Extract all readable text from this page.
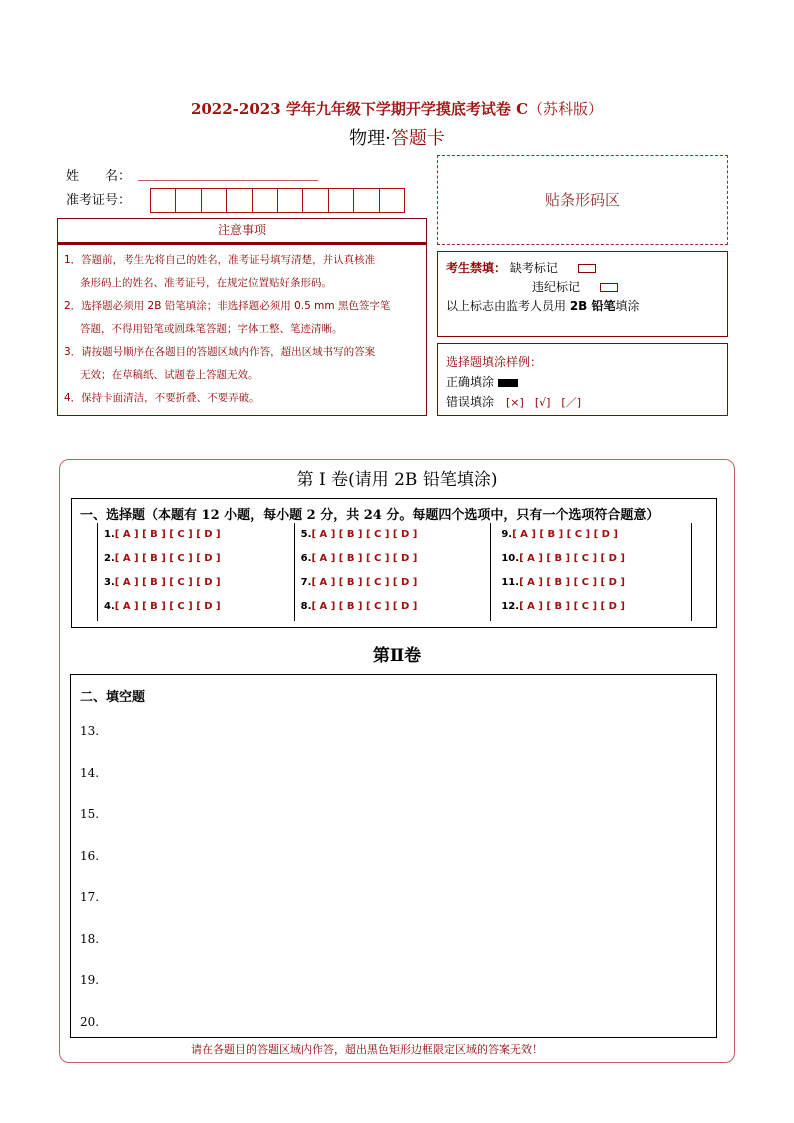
2022-2023 学年九年级下学期开学摸底考试卷 C（苏科版）
物理·答题卡
姓　　名：
准考证号：
注意事项
1．答题前，考生先将自己的姓名，准考证号填写清楚，并认真核准
条形码上的姓名、准考证号，在规定位置贴好条形码。
2．选择题必须用 2B 铅笔填涂；非选择题必须用 0.5 mm 黑色签字笔
答题，不得用铅笔或圆珠笔答题；字体工整、笔迹清晰。
3．请按题号顺序在各题目的答题区域内作答，超出区域书写的答案
无效；在草稿纸、试题卷上答题无效。
4．保持卡面清洁，不要折叠、不要弄破。
贴条形码区
考生禁填： 缺考标记
违纪标记
以上标志由监考人员用 2B 铅笔填涂
选择题填涂样例：
正确填涂
错误填涂 [×]　[√]　[／]
第 I 卷(请用 2B 铅笔填涂)
一、选择题（本题有 12 小题，每小题 2 分，共 24 分。每题四个选项中，只有一个选项符合题意）
1.[ A ] [ B ] [ C ] [ D ]
2.[ A ] [ B ] [ C ] [ D ]
3.[ A ] [ B ] [ C ] [ D ]
4.[ A ] [ B ] [ C ] [ D ]
5.[ A ] [ B ] [ C ] [ D ]
6.[ A ] [ B ] [ C ] [ D ]
7.[ A ] [ B ] [ C ] [ D ]
8.[ A ] [ B ] [ C ] [ D ]
9.[ A ] [ B ] [ C ] [ D ]
10.[ A ] [ B ] [ C ] [ D ]
11.[ A ] [ B ] [ C ] [ D ]
12.[ A ] [ B ] [ C ] [ D ]
第Ⅱ卷
二、填空题
13.
14.
15.
16.
17.
18.
19.
20.
请在各题目的答题区域内作答，超出黑色矩形边框限定区域的答案无效！
